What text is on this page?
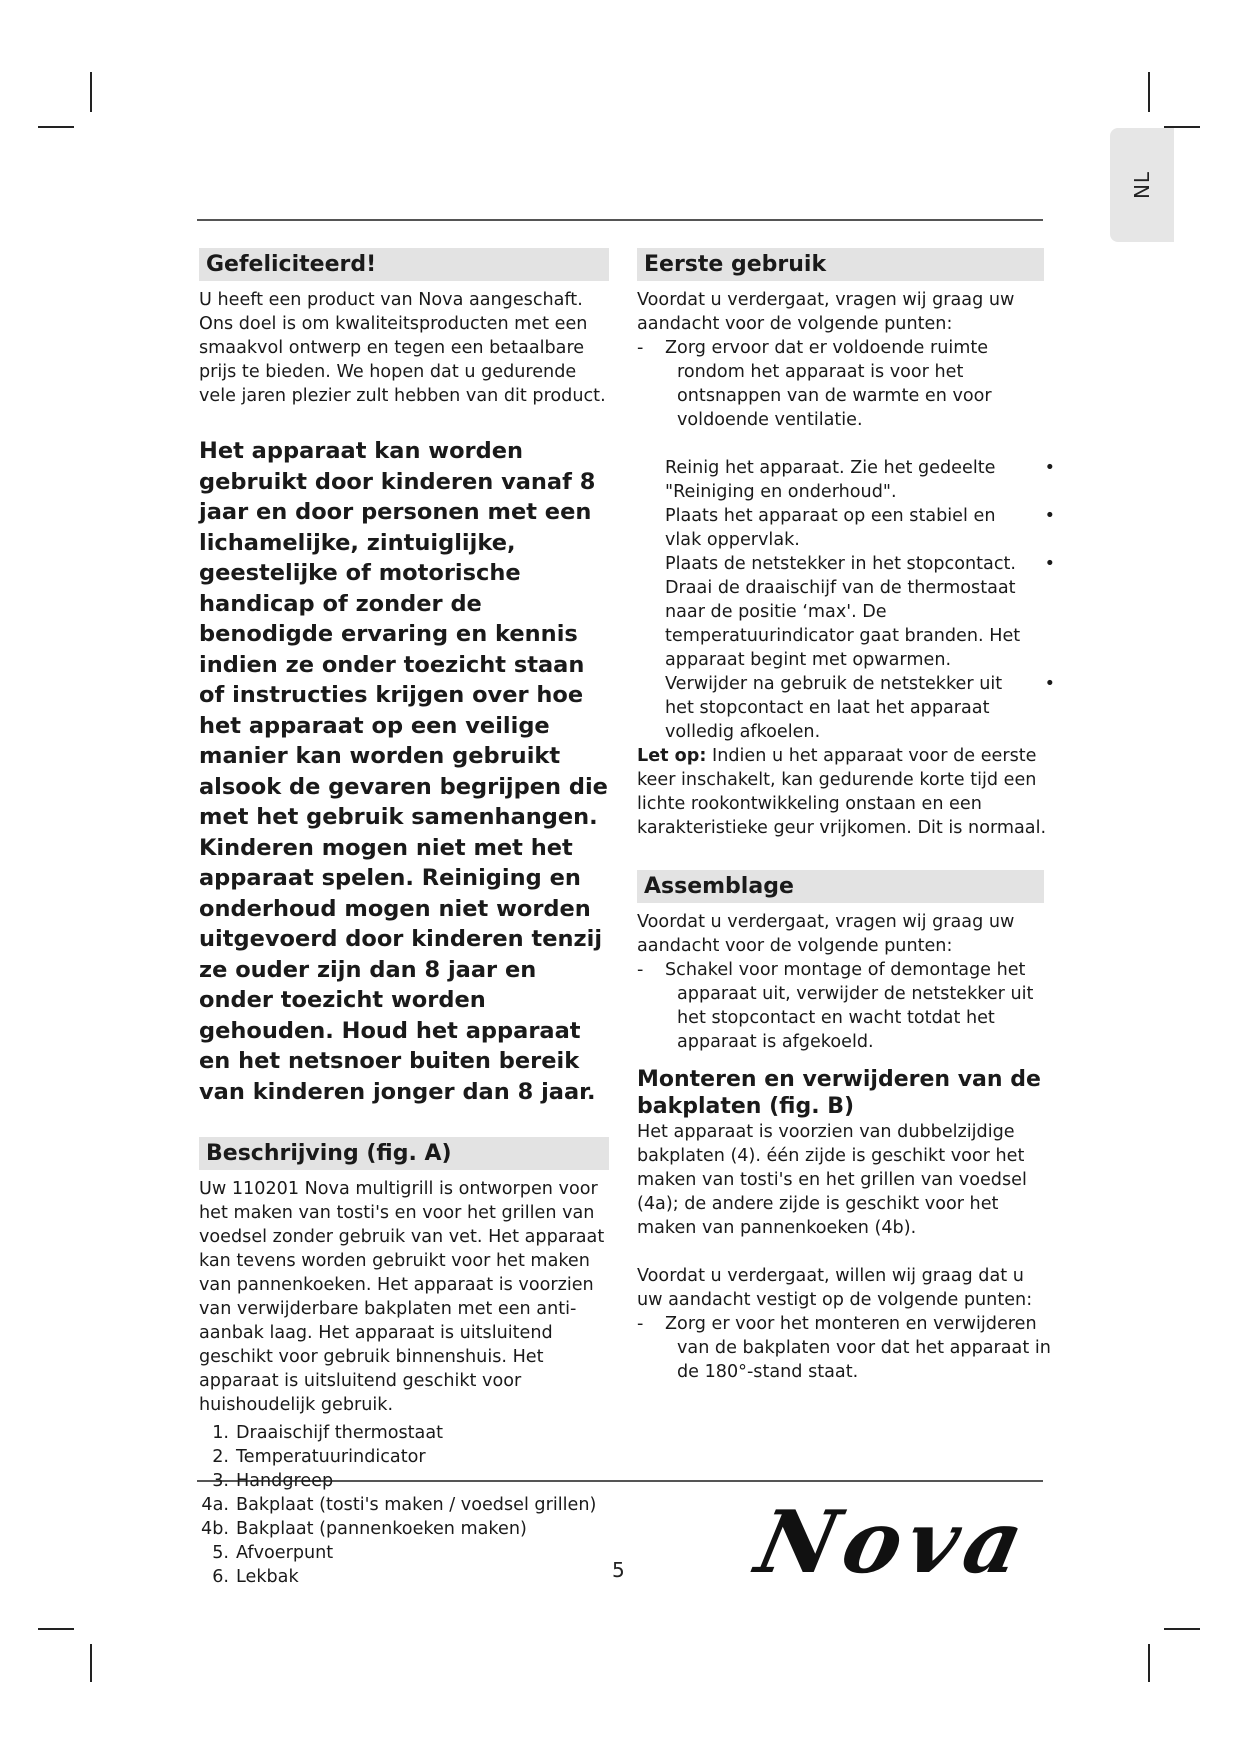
NL
Gefeliciteerd!

U heeft een product van Nova aangeschaft. Ons doel is om kwaliteitsproducten met een smaakvol ontwerp en tegen een betaalbare prijs te bieden. We hopen dat u gedurende vele jaren plezier zult hebben van dit product.

Het apparaat kan worden gebruikt door kinderen vanaf 8 jaar en door personen met een lichamelijke, zintuiglijke, geestelijke of motorische handicap of zonder de benodigde ervaring en kennis indien ze onder toezicht staan of instructies krijgen over hoe het apparaat op een veilige manier kan worden gebruikt alsook de gevaren begrijpen die met het gebruik samenhangen. Kinderen mogen niet met het apparaat spelen. Reiniging en onderhoud mogen niet worden uitgevoerd door kinderen tenzij ze ouder zijn dan 8 jaar en onder toezicht worden gehouden. Houd het apparaat en het netsnoer buiten bereik van kinderen jonger dan 8 jaar.

Beschrijving (fig. A)

Uw 110201 Nova multigrill is ontworpen voor het maken van tosti's en voor het grillen van voedsel zonder gebruik van vet. Het apparaat kan tevens worden gebruikt voor het maken van pannenkoeken. Het apparaat is voorzien van verwijderbare bakplaten met een anti-aanbak laag. Het apparaat is uitsluitend geschikt voor gebruik binnenshuis. Het apparaat is uitsluitend geschikt voor huishoudelijk gebruik.

1. Draaischijf thermostaat
2. Temperatuurindicator
3. Handgreep
4a. Bakplaat (tosti's maken / voedsel grillen)
4b. Bakplaat (pannenkoeken maken)
5. Afvoerpunt
6. Lekbak
Eerste gebruik

Voordat u verdergaat, vragen wij graag uw aandacht voor de volgende punten:

- Zorg ervoor dat er voldoende ruimte rondom het apparaat is voor het ontsnappen van de warmte en voor voldoende ventilatie.
Reinig het apparaat. Zie het gedeelte "Reiniging en onderhoud".
•
Plaats het apparaat op een stabiel en vlak oppervlak.
•
Plaats de netstekker in het stopcontact. Draai de draaischijf van de thermostaat naar de positie ‘max'. De temperatuurindicator gaat branden. Het apparaat begint met opwarmen.
•
Verwijder na gebruik de netstekker uit het stopcontact en laat het apparaat volledig afkoelen.
•

Let op: Indien u het apparaat voor de eerste keer inschakelt, kan gedurende korte tijd een lichte rookontwikkeling onstaan en een karakteristieke geur vrijkomen. Dit is normaal.

Assemblage

Voordat u verdergaat, vragen wij graag uw aandacht voor de volgende punten:

- Schakel voor montage of demontage het apparaat uit, verwijder de netstekker uit het stopcontact en wacht totdat het apparaat is afgekoeld.

Monteren en verwijderen van de bakplaten (fig. B)

Het apparaat is voorzien van dubbelzijdige bakplaten (4). één zijde is geschikt voor het maken van tosti's en het grillen van voedsel (4a); de andere zijde is geschikt voor het maken van pannenkoeken (4b).

Voordat u verdergaat, willen wij graag dat u uw aandacht vestigt op de volgende punten:

- Zorg er voor het monteren en verwijderen van de bakplaten voor dat het apparaat in de 180°-stand staat.
5 Nova
